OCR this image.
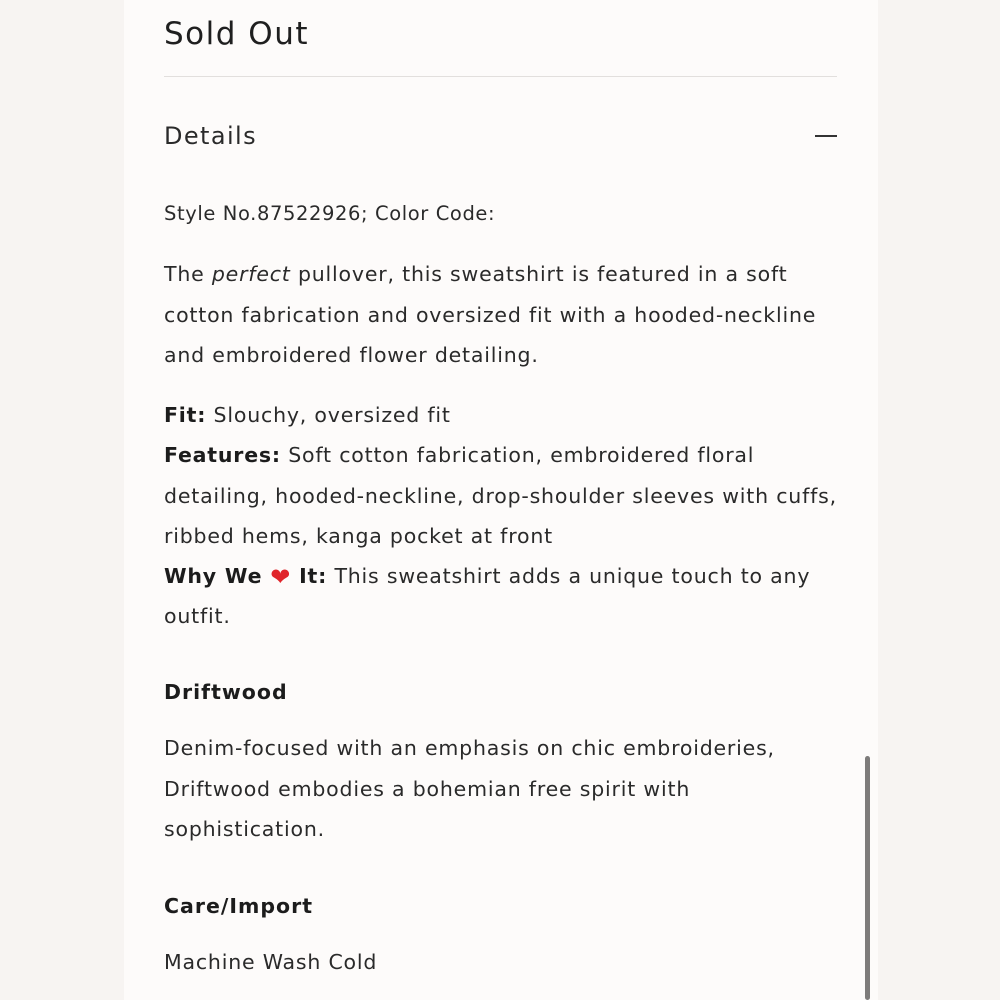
Sold Out
Details
Style No.87522926; Color Code:

The perfect pullover, this sweatshirt is featured in a soft cotton fabrication and oversized fit with a hooded-neckline and embroidered flower detailing.

Fit: Slouchy, oversized fit
Features: Soft cotton fabrication, embroidered floral detailing, hooded-neckline, drop-shoulder sleeves with cuffs, ribbed hems, kanga pocket at front
Why We ❤ It: This sweatshirt adds a unique touch to any outfit.
Driftwood

Denim-focused with an emphasis on chic embroideries, Driftwood embodies a bohemian free spirit with sophistication.

Care/Import

Machine Wash Cold
